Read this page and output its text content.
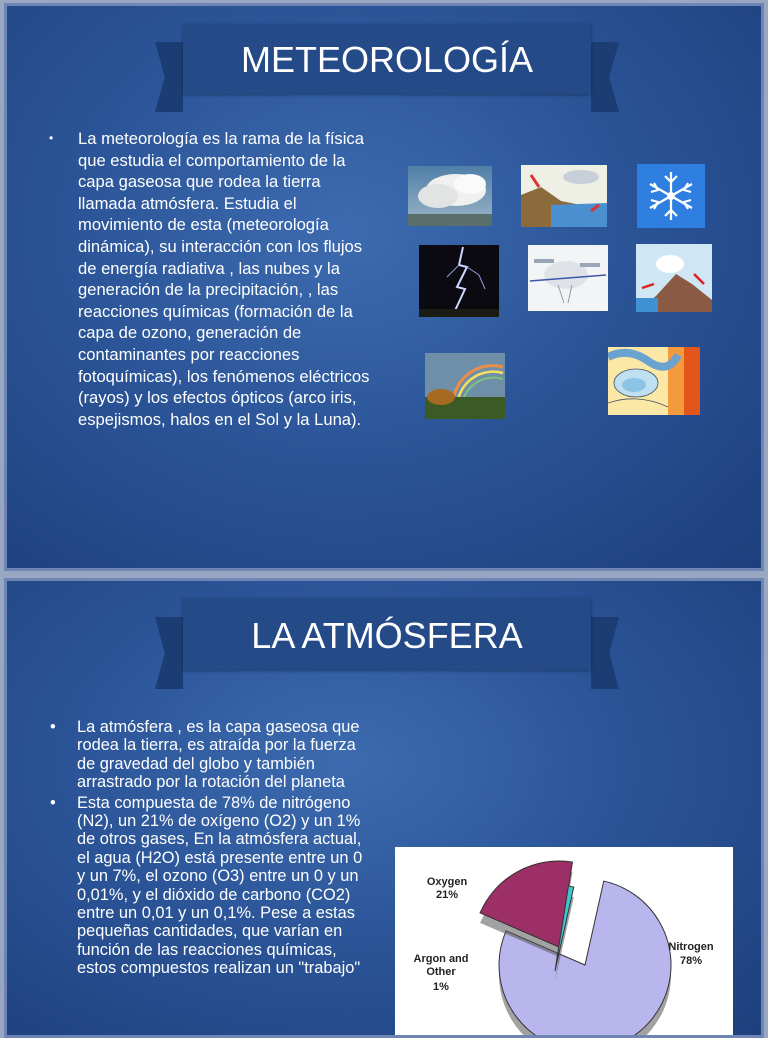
METEOROLOGÍA
• La meteorología es la rama de la física que estudia el comportamiento de la capa gaseosa que rodea la tierra llamada atmósfera. Estudia el movimiento de esta (meteorología dinámica), su interacción con los flujos de energía radiativa , las nubes y la generación de la precipitación, , las reacciones químicas (formación de la capa de ozono, generación de contaminantes por reacciones fotoquímicas), los fenómenos eléctricos (rayos) y los efectos ópticos (arco iris, espejismos, halos en el Sol y la Luna).
LA ATMÓSFERA
• La atmósfera , es la capa gaseosa que rodea la tierra, es atraída por la fuerza de gravedad del globo y también arrastrado por la rotación del planeta
• Esta compuesta de 78% de nitrógeno (N2), un 21% de oxígeno (O2) y un 1% de otros gases, En la atmósfera actual, el agua (H2O) está presente entre un 0 y un 7%, el ozono (O3) entre un 0 y un 0,01%, y el dióxido de carbono (CO2) entre un 0,01 y un 0,1%. Pese a estas pequeñas cantidades, que varían en función de las reacciones químicas, estos compuestos realizan un "trabajo"
Oxygen
21%
Argon and
Other
1%
Nitrogen
78%
